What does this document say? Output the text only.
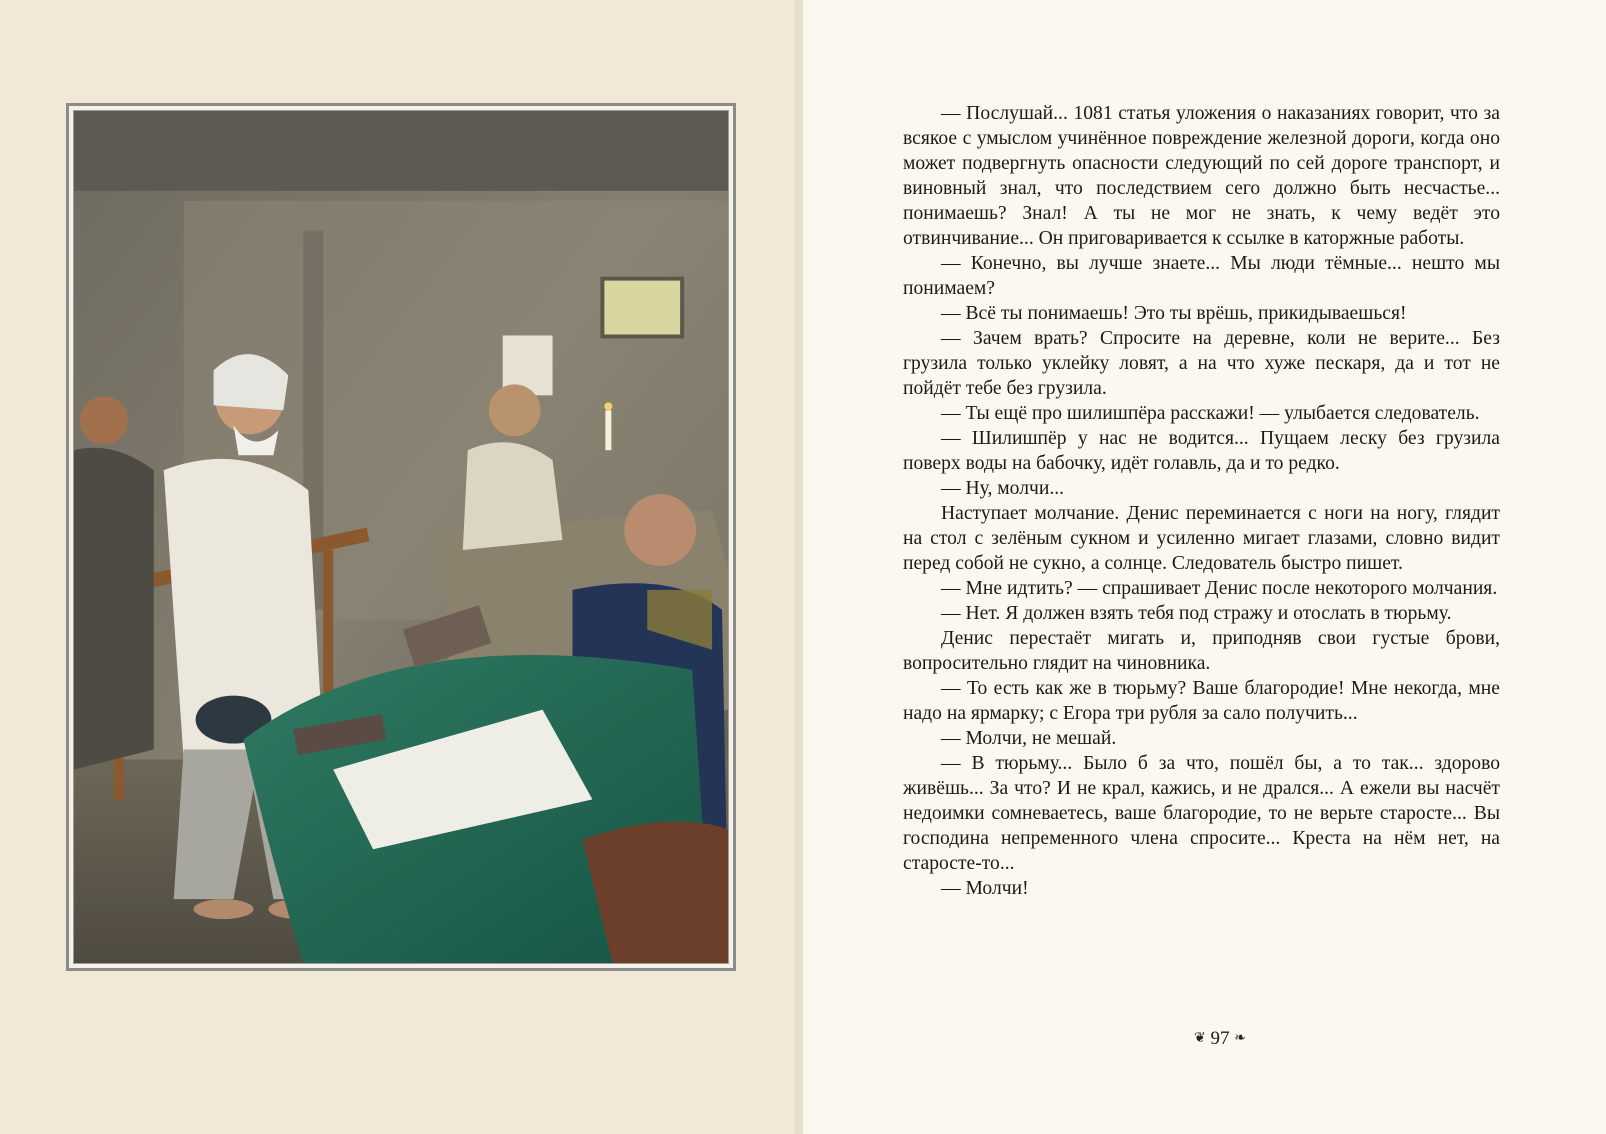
— Послушай... 1081 статья уложения о наказаниях говорит, что за всякое с умыслом учинённое повреждение железной дороги, когда оно может подвергнуть опасности следующий по сей дороге транспорт, и виновный знал, что последствием сего должно быть несчастье... понимаешь? Знал! А ты не мог не знать, к чему ведёт это отвинчивание... Он приговаривается к ссылке в каторжные работы.

— Конечно, вы лучше знаете... Мы люди тёмные... нешто мы понимаем?

— Всё ты понимаешь! Это ты врёшь, прикидываешься!

— Зачем врать? Спросите на деревне, коли не верите... Без грузила только уклейку ловят, а на что хуже пескаря, да и тот не пойдёт тебе без грузила.

— Ты ещё про шилишпёра расскажи! — улыбается следователь.

— Шилишпёр у нас не водится... Пущаем леску без грузила поверх воды на бабочку, идёт голавль, да и то редко.

— Ну, молчи...

Наступает молчание. Денис переминается с ноги на ногу, глядит на стол с зелёным сукном и усиленно мигает глазами, словно видит перед собой не сукно, а солнце. Следователь быстро пишет.

— Мне идтить? — спрашивает Денис после некоторого молчания.

— Нет. Я должен взять тебя под стражу и отослать в тюрьму.

Денис перестаёт мигать и, приподняв свои густые брови, вопросительно глядит на чиновника.

— То есть как же в тюрьму? Ваше благородие! Мне некогда, мне надо на ярмарку; с Егора три рубля за сало получить...

— Молчи, не мешай.

— В тюрьму... Было б за что, пошёл бы, а то так... здорово живёшь... За что? И не крал, кажись, и не дрался... А ежели вы насчёт недоимки сомневаетесь, ваше благородие, то не верьте старосте... Вы господина непременного члена спросите... Креста на нём нет, на старосте-то...

— Молчи!

❦ 97 ❧
